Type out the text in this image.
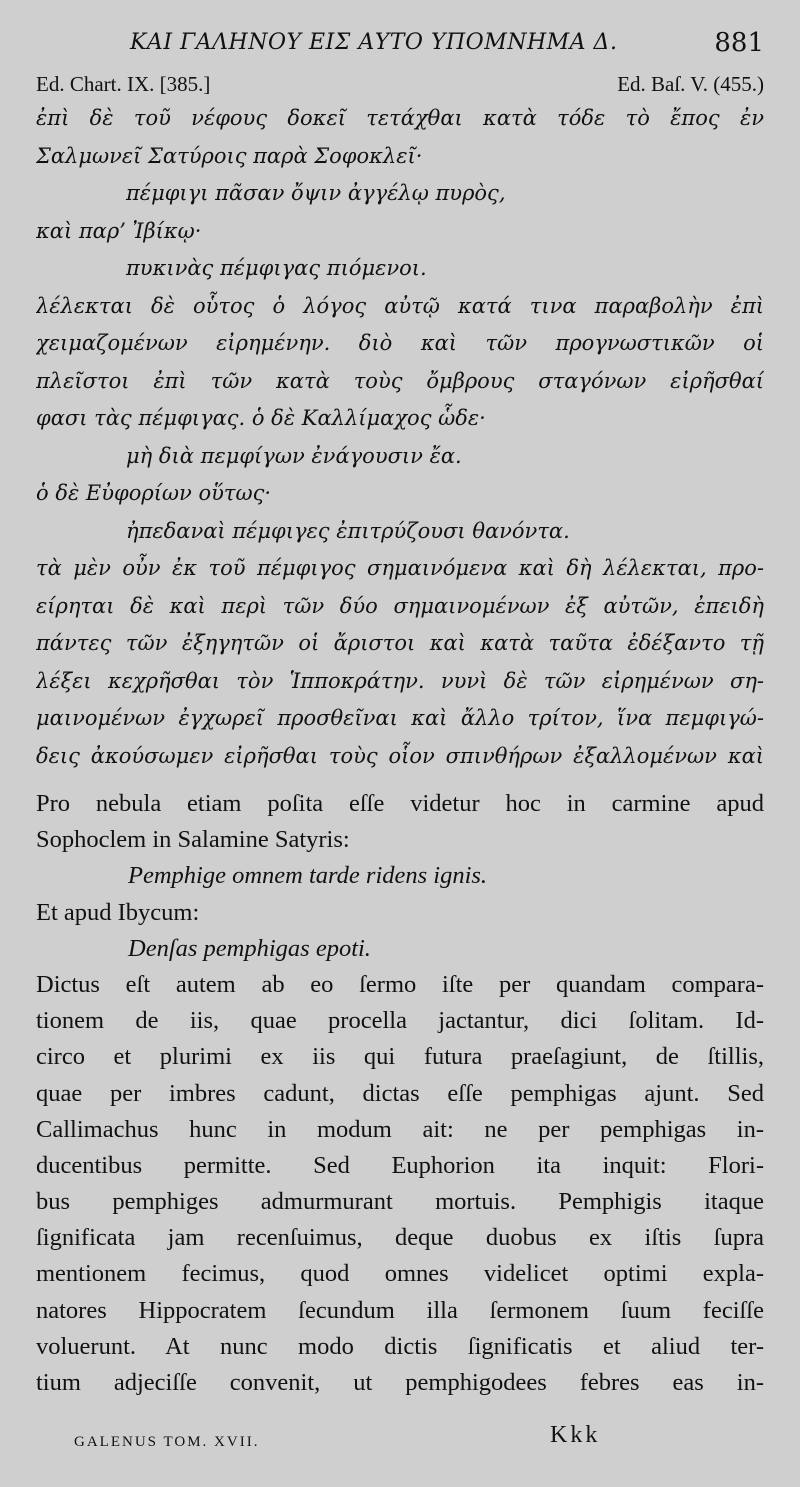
ΚΑΙ ΓΑΛΗΝΟΥ ΕΙΣ ΑΥΤΟ ΥΠΟΜΝΗΜΑ Δ.	881
Ed. Chart. IX. [385.]	Ed. Baſ. V. (455.)
ἐπὶ δὲ τοῦ νέφους δοκεῖ τετάχθαι κατὰ τόδε τὸ ἔπος ἐν
Σαλμωνεῖ Σατύροις παρὰ Σοφοκλεῖ·
πέμφιγι πᾶσαν ὄψιν ἀγγέλῳ πυρὸς,
καὶ παρ’ Ἰβίκῳ·
πυκινὰς πέμφιγας πιόμενοι.
λέλεκται δὲ οὗτος ὁ λόγος αὐτῷ κατά τινα παραβολὴν ἐπὶ
χειμαζομένων εἰρημένην. διὸ καὶ τῶν προγνωστικῶν οἱ
πλεῖστοι ἐπὶ τῶν κατὰ τοὺς ὄμβρους σταγόνων εἰρῆσθαί
φασι τὰς πέμφιγας. ὁ δὲ Καλλίμαχος ὧδε·
μὴ διὰ πεμφίγων ἐνάγουσιν ἔα.
ὁ δὲ Εὐφορίων οὕτως·
ἠπεδαναὶ πέμφιγες ἐπιτρύζουσι θανόντα.
τὰ μὲν οὖν ἐκ τοῦ πέμφιγος σημαινόμενα καὶ δὴ λέλεκται, προ-
είρηται δὲ καὶ περὶ τῶν δύο σημαινομένων ἐξ αὐτῶν, ἐπειδὴ
πάντες τῶν ἐξηγητῶν οἱ ἄριστοι καὶ κατὰ ταῦτα ἐδέξαντο τῇ
λέξει κεχρῆσθαι τὸν Ἱπποκράτην. νυνὶ δὲ τῶν εἰρημένων ση-
μαινομένων ἐγχωρεῖ προσθεῖναι καὶ ἄλλο τρίτον, ἵνα πεμφιγώ-
δεις ἀκούσωμεν εἰρῆσθαι τοὺς οἷον σπινθήρων ἐξαλλομένων καὶ
Pro nebula etiam poſita eſſe videtur hoc in carmine apud
Sophoclem in Salamine Satyris:
Pemphige omnem tarde ridens ignis.
Et apud Ibycum:
Denſas pemphigas epoti.
Dictus eſt autem ab eo ſermo iſte per quandam compara-
tionem de iis, quae procella jactantur, dici ſolitam. Id-
circo et plurimi ex iis qui futura praeſagiunt, de ſtillis,
quae per imbres cadunt, dictas eſſe pemphigas ajunt. Sed
Callimachus hunc in modum ait: ne per pemphigas in-
ducentibus permitte. Sed Euphorion ita inquit: Flori-
bus pemphiges admurmurant mortuis. Pemphigis itaque
ſignificata jam recenſuimus, deque duobus ex iſtis ſupra
mentionem fecimus, quod omnes videlicet optimi expla-
natores Hippocratem ſecundum illa ſermonem ſuum feciſſe
voluerunt. At nunc modo dictis ſignificatis et aliud ter-
tium adjeciſſe convenit, ut pemphigodees febres eas in-
GALENUS TOM. XVII.	Kkk
